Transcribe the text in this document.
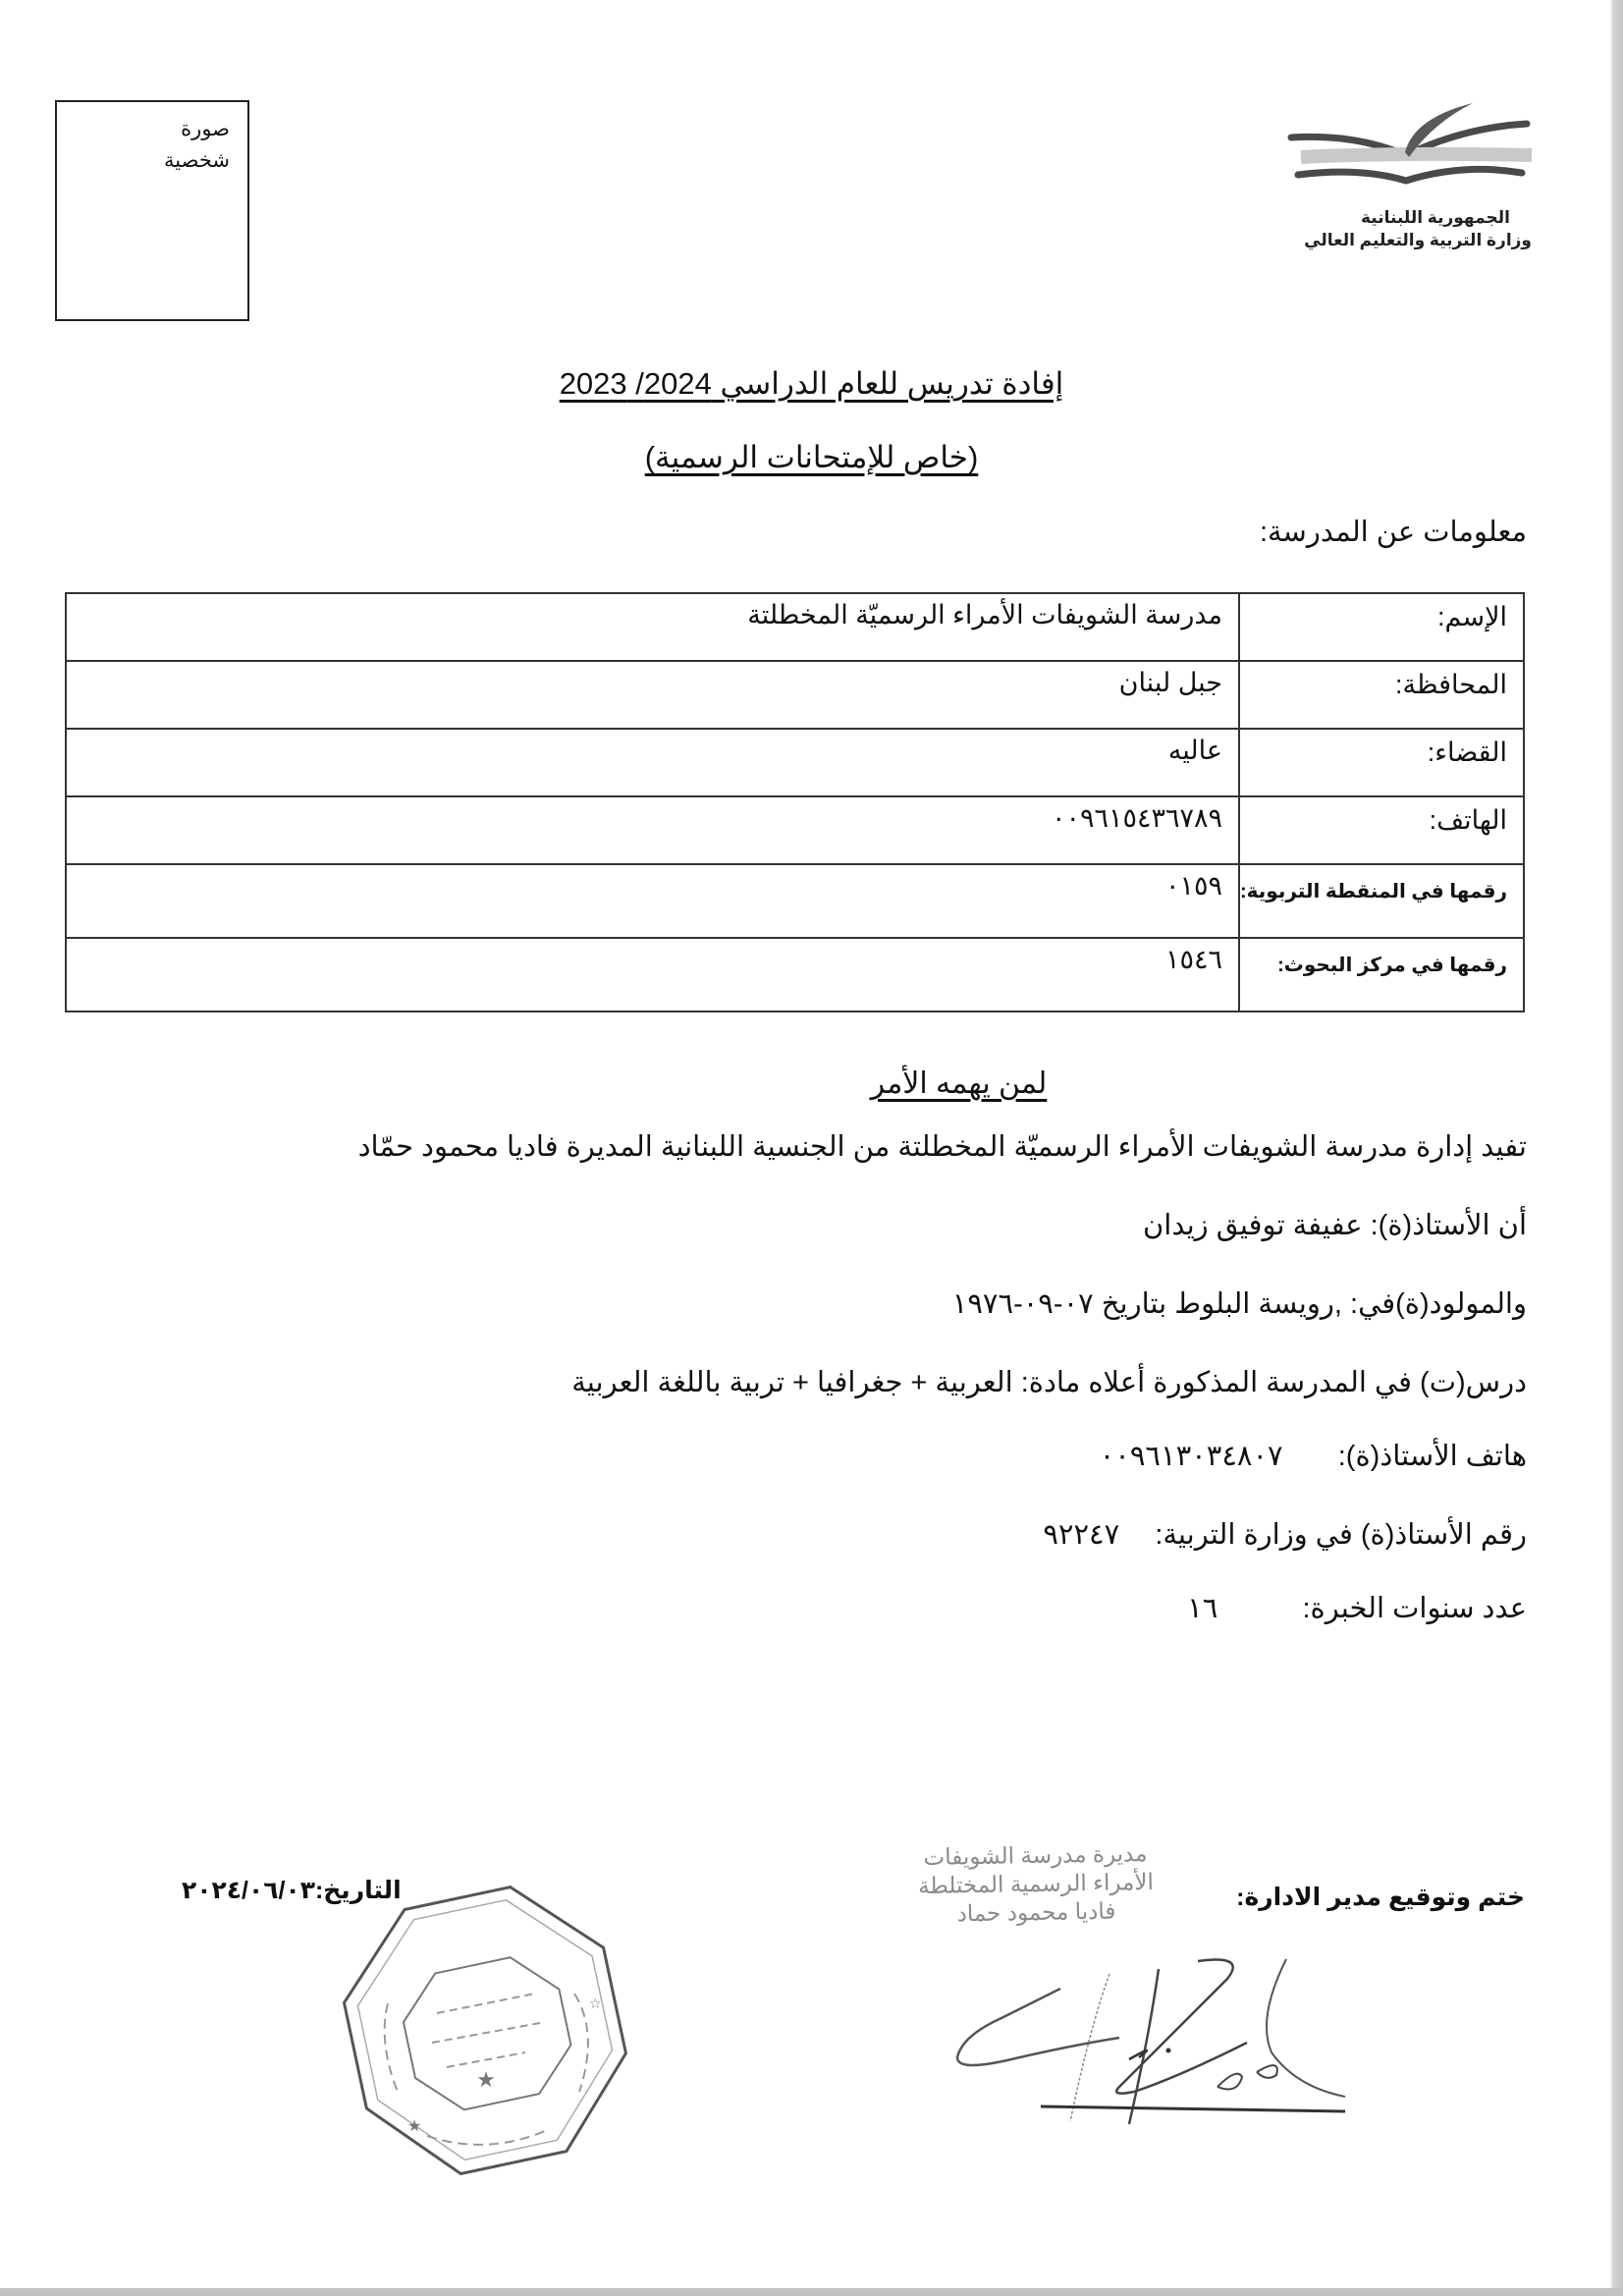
صورة
شخصية
الجمهورية اللبنانية
وزارة التربية والتعليم العالي
إفادة تدريس للعام الدراسي 2024/ 2023
(خاص للإمتحانات الرسمية)
معلومات عن المدرسة:
مدرسة الشويفات الأمراء الرسميّة المخطلتة	الإسم:
جبل لبنان	المحافظة:
عاليه	القضاء:
٠٠٩٦١٥٤٣٦٧٨٩	الهاتف:
٠١٥٩	رقمها في المنقطة التربوية:
١٥٤٦	رقمها في مركز البحوث:
لمن يهمه الأمر
تفيد إدارة مدرسة الشويفات الأمراء الرسميّة المخطلتة من الجنسية اللبنانية المديرة فاديا محمود حمّاد
أن الأستاذ(ة): عفيفة توفيق زيدان
والمولود(ة)في: ,رويسة البلوط بتاريخ ٠٧-٠٩-١٩٧٦
درس(ت) في المدرسة المذكورة أعلاه مادة: العربية + جغرافيا + تربية باللغة العربية
هاتف الأستاذ(ة):  ٠٠٩٦١٣٠٣٤٨٠٧
رقم الأستاذ(ة) في وزارة التربية:  ٩٢٢٤٧
عدد سنوات الخبرة:  ١٦
ختم وتوقيع مدير الادارة:
مديرة مدرسة الشويفات
الأمراء الرسمية المختلطة
فاديا محمود حماد
★
★
☆
التاريخ:٢٠٢٤/٠٦/٠٣
